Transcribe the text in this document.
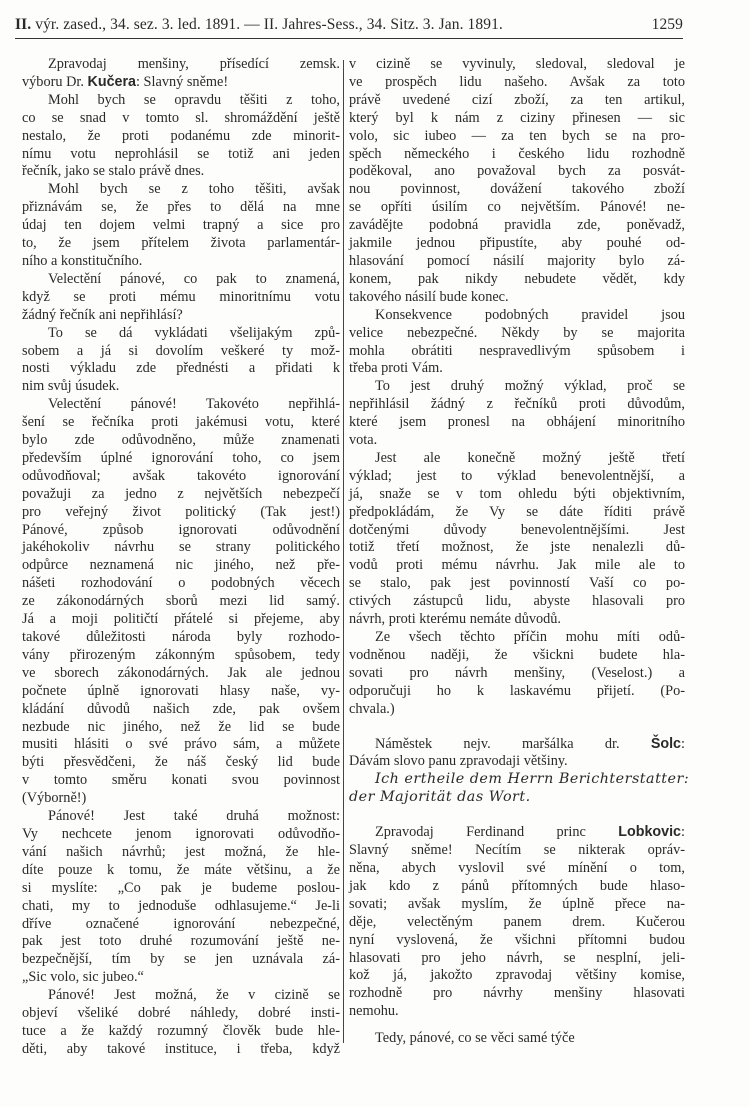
II. výr. zased., 34. sez. 3. led. 1891. — II. Jahres-Sess., 34. Sitz. 3. Jan. 1891.	1259
Zpravodaj menšiny, přísedící zemsk.
výboru Dr. Kučera: Slavný sněme!
Mohl bych se opravdu těšiti z toho,
co se snad v tomto sl. shromáždění ještě
nestalo, že proti podanému zde minorit-
nímu votu neprohlásil se totiž ani jeden
řečník, jako se stalo právě dnes.
Mohl bych se z toho těšiti, avšak
přiznávám se, že přes to dělá na mne
údaj ten dojem velmi trapný a sice pro
to, že jsem přítelem života parlamentár-
ního a konstitučního.
Velectění pánové, co pak to znamená,
když se proti mému minoritnímu votu
žádný řečník ani nepřihlásí?
To se dá vykládati všelijakým způ-
sobem a já si dovolím veškeré ty mož-
nosti výkladu zde přednésti a přidati k
nim svůj úsudek.
Velectění pánové! Takovéto nepřihlá-
šení se řečníka proti jakémusi votu, které
bylo zde odůvodněno, může znamenati
především úplné ignorování toho, co jsem
odůvodňoval; avšak takovéto ignorování
považuji za jedno z největších nebezpečí
pro veřejný život politický (Tak jest!)
Pánové, způsob ignorovati odůvodnění
jakéhokoliv návrhu se strany politického
odpůrce neznamená nic jiného, než pře-
nášeti rozhodování o podobných věcech
ze zákonodárných sborů mezi lid samý.
Já a moji političtí přátelé si přejeme, aby
takové důležitosti národa byly rozhodo-
vány přirozeným zákonným spůsobem, tedy
ve sborech zákonodárných. Jak ale jednou
počnete úplně ignorovati hlasy naše, vy-
kládání důvodů našich zde, pak ovšem
nezbude nic jiného, než že lid se bude
musiti hlásiti o své právo sám, a můžete
býti přesvědčeni, že náš český lid bude
v tomto směru konati svou povinnost
(Výborně!)
Pánové! Jest také druhá možnost:
Vy nechcete jenom ignorovati odůvodňo-
vání našich návrhů; jest možná, že hle-
díte pouze k tomu, že máte většinu, a že
si myslíte: „Co pak je budeme poslou-
chati, my to jednoduše odhlasujeme.“ Je-li
dříve označené ignorování nebezpečné,
pak jest toto druhé rozumování ještě ne-
bezpečnější, tím by se jen uznávala zá-
„Sic volo, sic jubeo.“
Pánové! Jest možná, že v cizině se
objeví všeliké dobré náhledy, dobré insti-
tuce a že každý rozumný člověk bude hle-
děti, aby takové instituce, i třeba, když
v cizině se vyvinuly, sledoval, sledoval je
ve prospěch lidu našeho. Avšak za toto
právě uvedené cizí zboží, za ten artikul,
který byl k nám z ciziny přinesen — sic
volo, sic iubeo — za ten bych se na pro-
spěch německého i českého lidu rozhodně
poděkoval, ano považoval bych za posvát-
nou povinnost, dovážení takového zboží
se opříti úsilím co největším. Pánové! ne-
zavádějte podobná pravidla zde, poněvadž,
jakmile jednou připustíte, aby pouhé od-
hlasování pomocí násilí majority bylo zá-
konem, pak nikdy nebudete vědět, kdy
takového násilí bude konec.
Konsekvence podobných pravidel jsou
velice nebezpečné. Někdy by se majorita
mohla obrátiti nespravedlivým spůsobem i
třeba proti Vám.
To jest druhý možný výklad, proč se
nepřihlásil žádný z řečníků proti důvodům,
které jsem pronesl na obhájení minoritního
vota.
Jest ale konečně možný ještě třetí
výklad; jest to výklad benevolentnější, a
já, snaže se v tom ohledu býti objektivním,
předpokládám, že Vy se dáte říditi právě
dotčenými důvody benevolentnějšími. Jest
totiž třetí možnost, že jste nenalezli dů-
vodů proti mému návrhu. Jak mile ale to
se stalo, pak jest povinností Vaší co po-
ctivých zástupců lidu, abyste hlasovali pro
návrh, proti kterému nemáte důvodů.
Ze všech těchto příčin mohu míti odů-
vodněnou naději, že všickni budete hla-
sovati pro návrh menšiny, (Veselost.) a
odporučuji ho k laskavému přijetí. (Po-
chvala.)
Náměstek nejv. maršálka dr. Šolc:
Dávám slovo panu zpravodaji většiny.
Ich ertheile dem Herrn Berichterstatter:
der Majorität das Wort.
Zpravodaj Ferdinand princ Lobkovic:
Slavný sněme! Necítím se nikterak opráv-
něna, abych vyslovil své mínění o tom,
jak kdo z pánů přítomných bude hlaso-
sovati; avšak myslím, že úplně přece na-
děje, velectěným panem drem. Kučerou
nyní vyslovená, že všichni přítomni budou
hlasovati pro jeho návrh, se nesplní, jeli-
kož já, jakožto zpravodaj většiny komise,
rozhodně pro návrhy menšiny hlasovati
nemohu.
Tedy, pánové, co se věci samé týče
